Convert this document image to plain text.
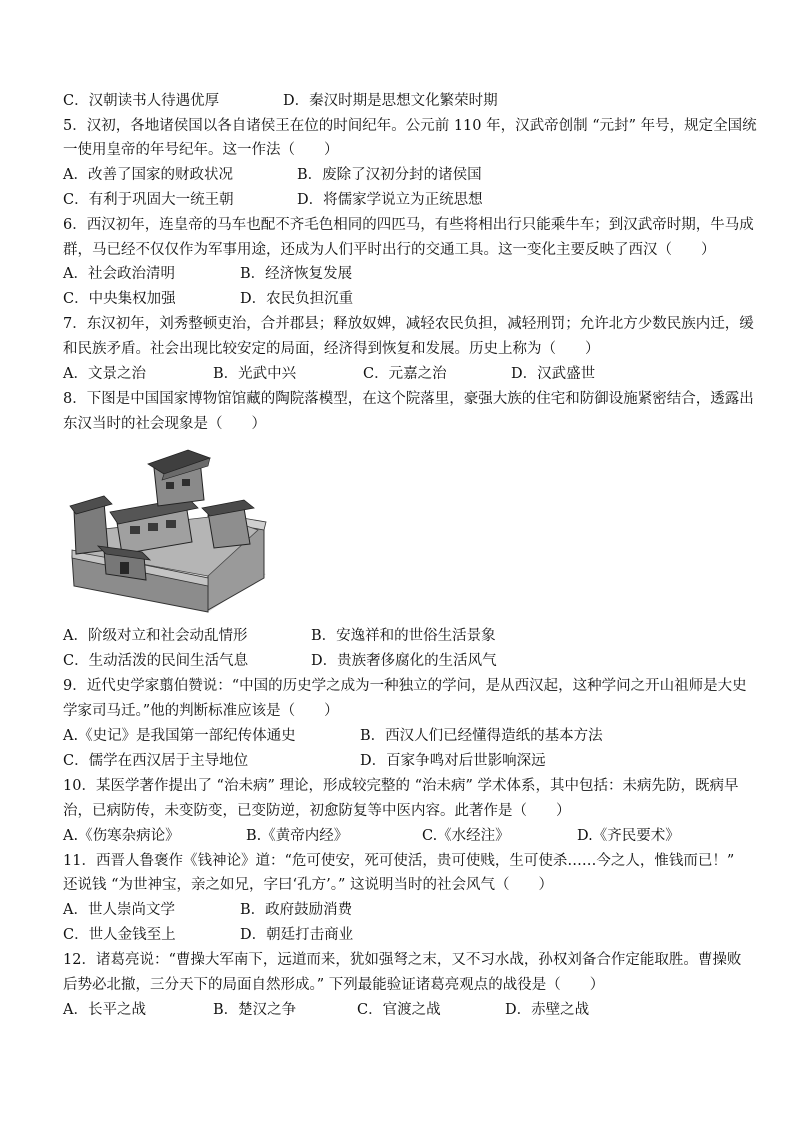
C．汉朝读书人待遇优厚	D．秦汉时期是思想文化繁荣时期
5．汉初，各地诸侯国以各自诸侯王在位的时间纪年。公元前 110 年，汉武帝创制 “元封” 年号，规定全国统
一使用皇帝的年号纪年。这一作法（　　）
A．改善了国家的财政状况	B．废除了汉初分封的诸侯国
C．有利于巩固大一统王朝	D．将儒家学说立为正统思想
6．西汉初年，连皇帝的马车也配不齐毛色相同的四匹马，有些将相出行只能乘牛车；到汉武帝时期，牛马成
群，马已经不仅仅作为军事用途，还成为人们平时出行的交通工具。这一变化主要反映了西汉（　　）
A．社会政治清明	B．经济恢复发展
C．中央集权加强	D．农民负担沉重
7．东汉初年，刘秀整顿吏治，合并郡县；释放奴婢，减轻农民负担，减轻刑罚；允许北方少数民族内迁，缓
和民族矛盾。社会出现比较安定的局面，经济得到恢复和发展。历史上称为（　　）
A．文景之治	B．光武中兴	C．元嘉之治	D．汉武盛世
8．下图是中国国家博物馆馆藏的陶院落模型，在这个院落里，豪强大族的住宅和防御设施紧密结合，透露出
东汉当时的社会现象是（　　）
A．阶级对立和社会动乱情形	B．安逸祥和的世俗生活景象
C．生动活泼的民间生活气息	D．贵族奢侈腐化的生活风气
9．近代史学家翦伯赞说：“中国的历史学之成为一种独立的学问，是从西汉起，这种学问之开山祖师是大史
学家司马迁。”他的判断标准应该是（　　）
A.《史记》是我国第一部纪传体通史	B．西汉人们已经懂得造纸的基本方法
C．儒学在西汉居于主导地位	D．百家争鸣对后世影响深远
10．某医学著作提出了 “治未病” 理论，形成较完整的 “治未病” 学术体系，其中包括：未病先防，既病早
治，已病防传，未变防变，已变防逆，初愈防复等中医内容。此著作是（　　）
A.《伤寒杂病论》	B.《黄帝内经》	C.《水经注》	D.《齐民要术》
11．西晋人鲁褒作《钱神论》道：“危可使安，死可使活，贵可使贱，生可使杀……今之人，惟钱而已！”
还说钱 “为世神宝，亲之如兄，字曰‘孔方’。” 这说明当时的社会风气（　　）
A．世人崇尚文学	B．政府鼓励消费
C．世人金钱至上	D．朝廷打击商业
12．诸葛亮说：“曹操大军南下，远道而来，犹如强弩之末，又不习水战，孙权刘备合作定能取胜。曹操败
后势必北撤，三分天下的局面自然形成。” 下列最能验证诸葛亮观点的战役是（　　）
A．长平之战	B．楚汉之争	C．官渡之战	D．赤壁之战
